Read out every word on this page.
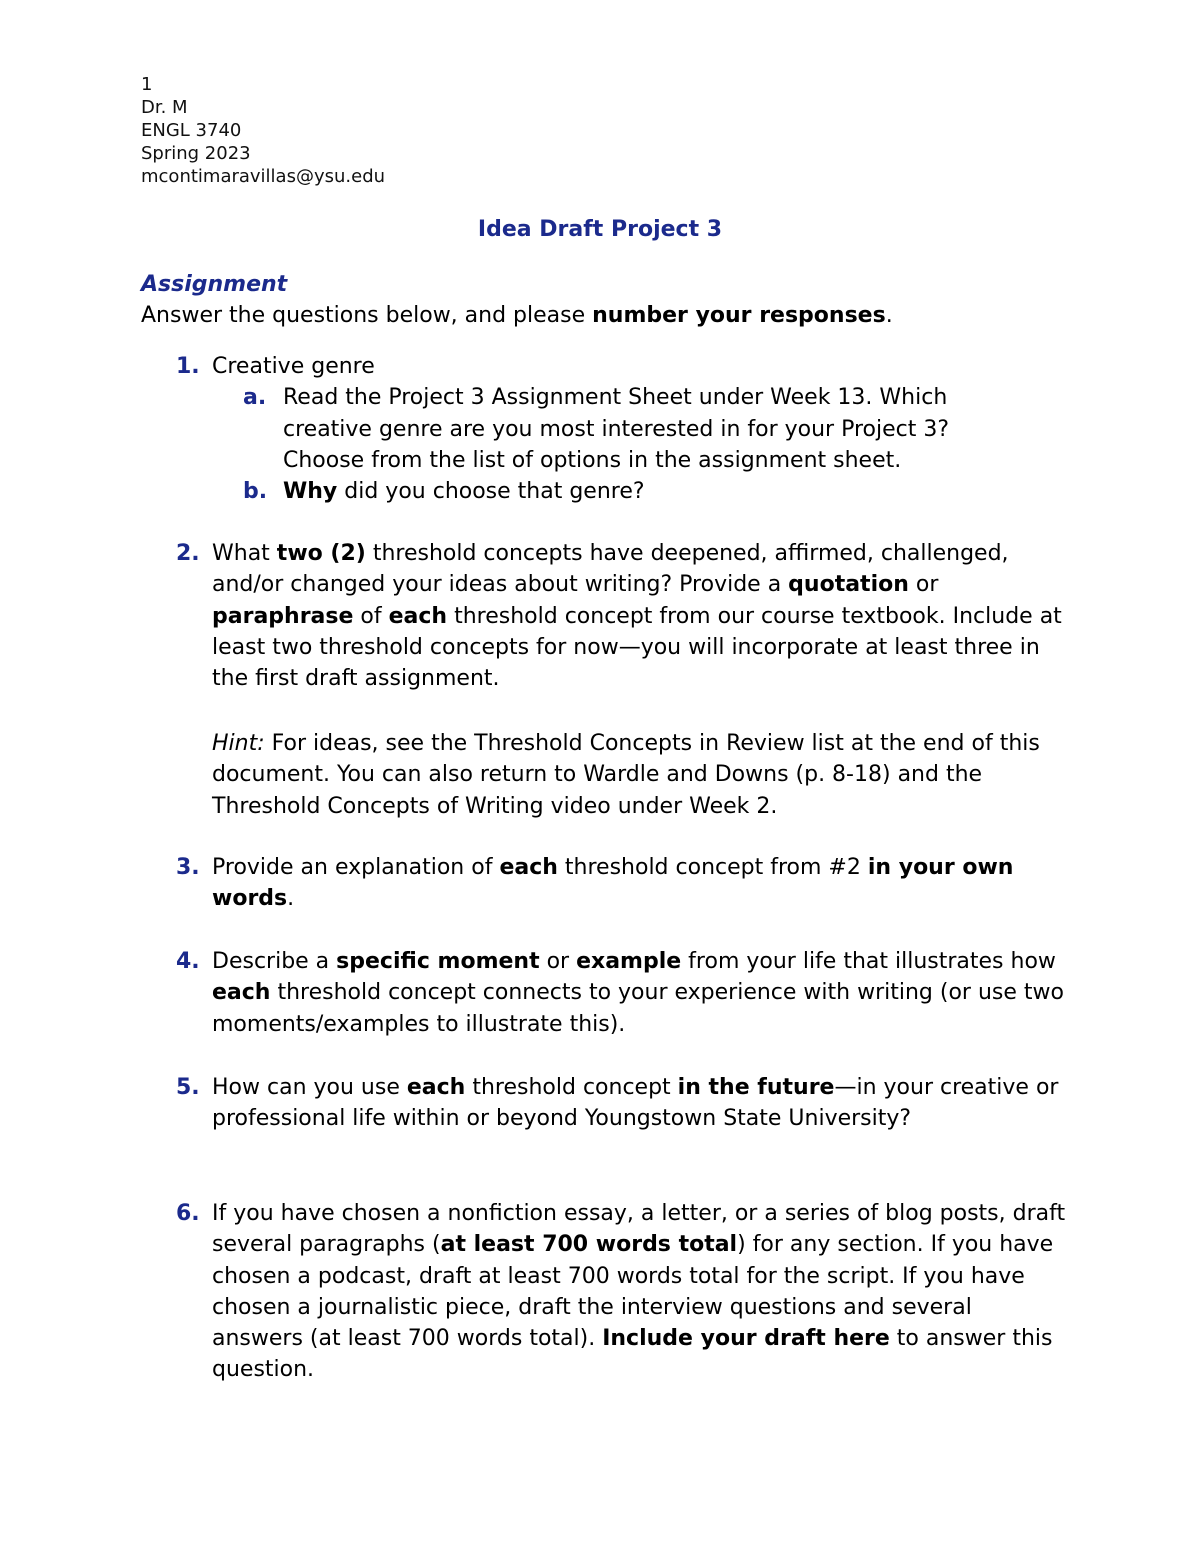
1
Dr. M
ENGL 3740
Spring 2023
mcontimaravillas@ysu.edu
Idea Draft Project 3
Assignment
Answer the questions below, and please number your responses.
1. Creative genre
a. Read the Project 3 Assignment Sheet under Week 13. Which creative genre are you most interested in for your Project 3? Choose from the list of options in the assignment sheet.
b. Why did you choose that genre?
2. What two (2) threshold concepts have deepened, affirmed, challenged, and/or changed your ideas about writing? Provide a quotation or paraphrase of each threshold concept from our course textbook. Include at least two threshold concepts for now—you will incorporate at least three in the first draft assignment.
Hint: For ideas, see the Threshold Concepts in Review list at the end of this document. You can also return to Wardle and Downs (p. 8-18) and the Threshold Concepts of Writing video under Week 2.
3. Provide an explanation of each threshold concept from #2 in your own words.
4. Describe a specific moment or example from your life that illustrates how each threshold concept connects to your experience with writing (or use two moments/examples to illustrate this).
5. How can you use each threshold concept in the future—in your creative or professional life within or beyond Youngstown State University?
6. If you have chosen a nonfiction essay, a letter, or a series of blog posts, draft several paragraphs (at least 700 words total) for any section. If you have chosen a podcast, draft at least 700 words total for the script. If you have chosen a journalistic piece, draft the interview questions and several answers (at least 700 words total). Include your draft here to answer this question.
